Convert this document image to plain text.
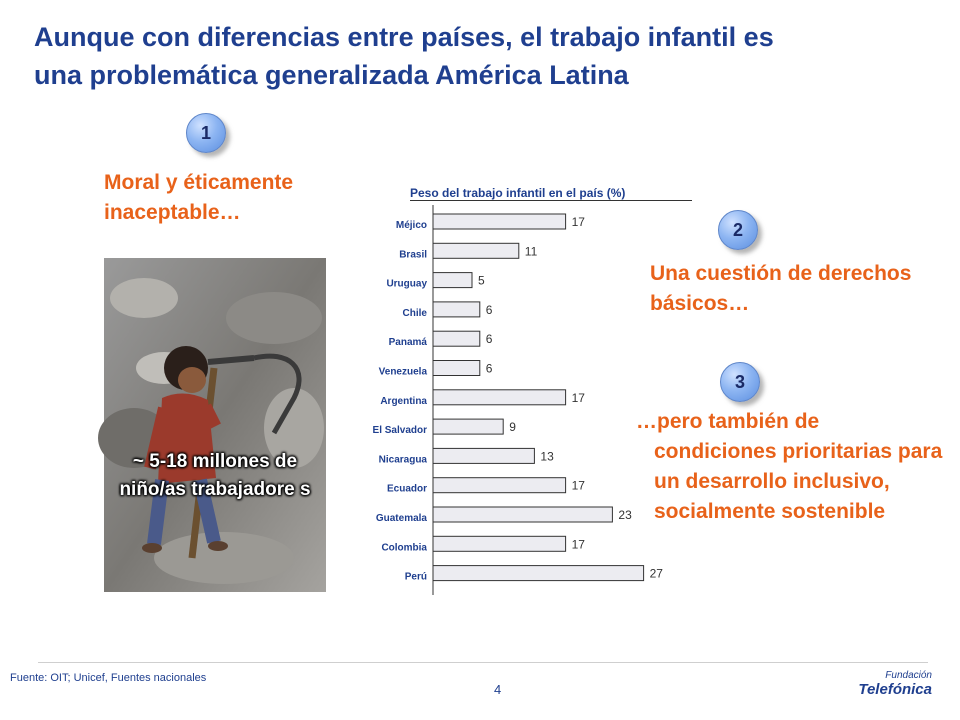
Aunque con diferencias entre países, el trabajo infantil es
una problemática generalizada América Latina
1

Moral y éticamente inaceptable…

2

Una cuestión de derechos básicos…

3

…pero también de condiciones prioritarias para un desarrollo inclusivo, socialmente sostenible

~ 5-18 millones de niño/as trabajadore s
Peso del trabajo infantil en el país (%)
Méjico	17
Brasil	11
Uruguay	5
Chile	6
Panamá	6
Venezuela	6
Argentina	17
El Salvador	9
Nicaragua	13
Ecuador	17
Guatemala	23
Colombia	17
Perú	27
Fuente: OIT; Unicef, Fuentes nacionales
4
Fundación
Telefónica
